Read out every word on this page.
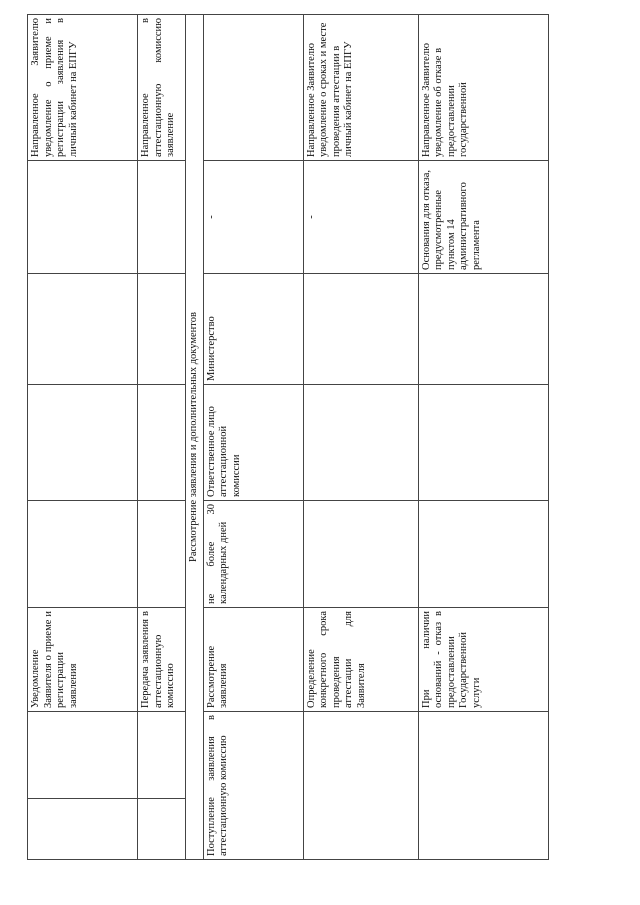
		Уведомление Заявителя о приеме и регистрации заявления					Направленное Заявителю уведомление о приеме и регистрации заявления в личный кабинет на ЕПГУ
		Передача заявления в аттестационную комиссию					Направленное в аттестационную комиссию заявление
Рассмотрение заявления и дополнительных документов							
Поступление заявления в аттестационную комиссию		Рассмотрение заявления	не более 30 календарных дней	Ответственное лицо аттестационной комиссии	Министерство	-	
		Определение конкретного срока проведения аттестации для Заявителя				-	Направленное Заявителю уведомление о сроках и месте проведения аттестации в личный кабинет на ЕПГУ
		При наличии оснований - отказ в предоставлении Государственной услуги				Основания для отказа, предусмотренные пунктом 14 административного регламента	Направленное Заявителю уведомление об отказе в предоставлении государственной
